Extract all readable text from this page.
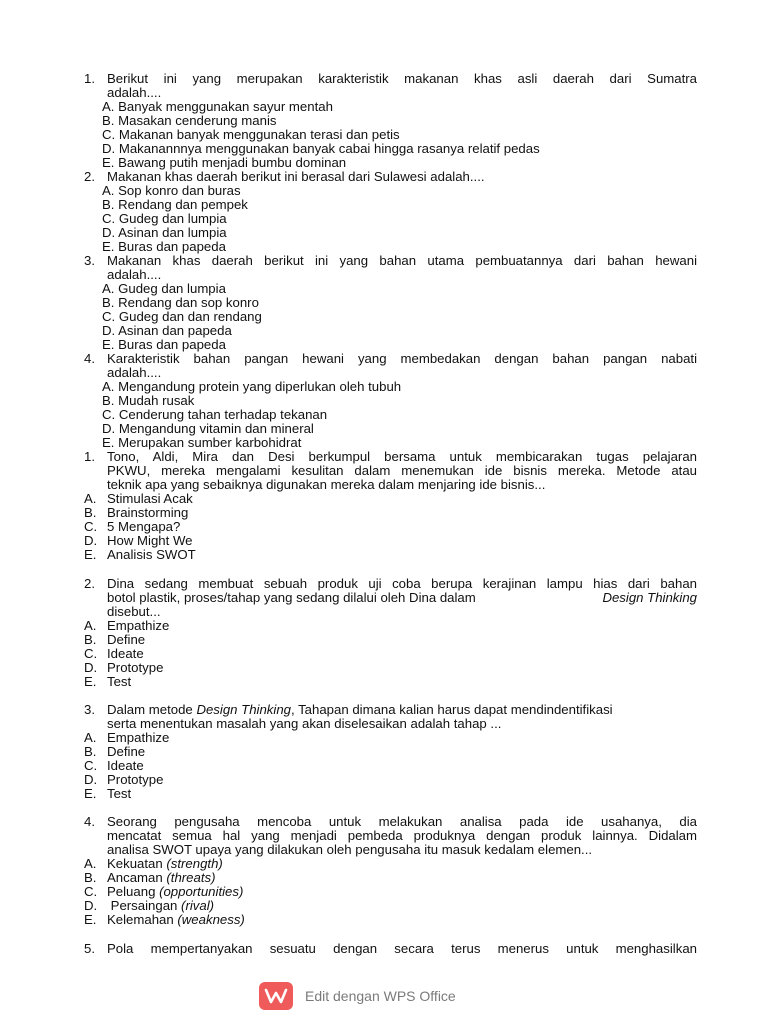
1. Berikut ini yang merupakan karakteristik makanan khas asli daerah dari Sumatra
adalah....
A. Banyak menggunakan sayur mentah
B. Masakan cenderung manis
C. Makanan banyak menggunakan terasi dan petis
D. Makanannnya menggunakan banyak cabai hingga rasanya relatif pedas
E. Bawang putih menjadi bumbu dominan
2. Makanan khas daerah berikut ini berasal dari Sulawesi adalah....
A. Sop konro dan buras
B. Rendang dan pempek
C. Gudeg dan lumpia
D. Asinan dan lumpia
E. Buras dan papeda
3. Makanan khas daerah berikut ini yang bahan utama pembuatannya dari bahan hewani
adalah....
A. Gudeg dan lumpia
B. Rendang dan sop konro
C. Gudeg dan dan rendang
D. Asinan dan papeda
E. Buras dan papeda
4. Karakteristik bahan pangan hewani yang membedakan dengan bahan pangan nabati
adalah....
A. Mengandung protein yang diperlukan oleh tubuh
B. Mudah rusak
C. Cenderung tahan terhadap tekanan
D. Mengandung vitamin dan mineral
E. Merupakan sumber karbohidrat
1. Tono, Aldi, Mira dan Desi berkumpul bersama untuk membicarakan tugas pelajaran
PKWU, mereka mengalami kesulitan dalam menemukan ide bisnis mereka. Metode atau
teknik apa yang sebaiknya digunakan mereka dalam menjaring ide bisnis...
A. Stimulasi Acak
B. Brainstorming
C. 5 Mengapa?
D. How Might We
E. Analisis SWOT
2. Dina sedang membuat sebuah produk uji coba berupa kerajinan lampu hias dari bahan
botol plastik, proses/tahap yang sedang dilalui oleh Dina dalam	Design Thinking
disebut...
A. Empathize
B. Define
C. Ideate
D. Prototype
E. Test
3. Dalam metode
Design Thinking , Tahapan dimana kalian harus dapat mendindentifikasi
serta menentukan masalah yang akan diselesaikan adalah tahap ...
A. Empathize
B. Define
C. Ideate
D. Prototype
E. Test
4. Seorang pengusaha mencoba untuk melakukan analisa pada ide usahanya, dia
mencatat semua hal yang menjadi pembeda produknya dengan produk lainnya. Didalam
analisa SWOT upaya yang dilakukan oleh pengusaha itu masuk kedalam elemen...
A. Kekuatan (strength)
B. Ancaman (threats)
C. Peluang (opportunities)
D. Persaingan (rival)
E. Kelemahan (weakness)
5. Pola mempertanyakan sesuatu dengan secara terus menerus untuk menghasilkan
Edit dengan WPS Office
